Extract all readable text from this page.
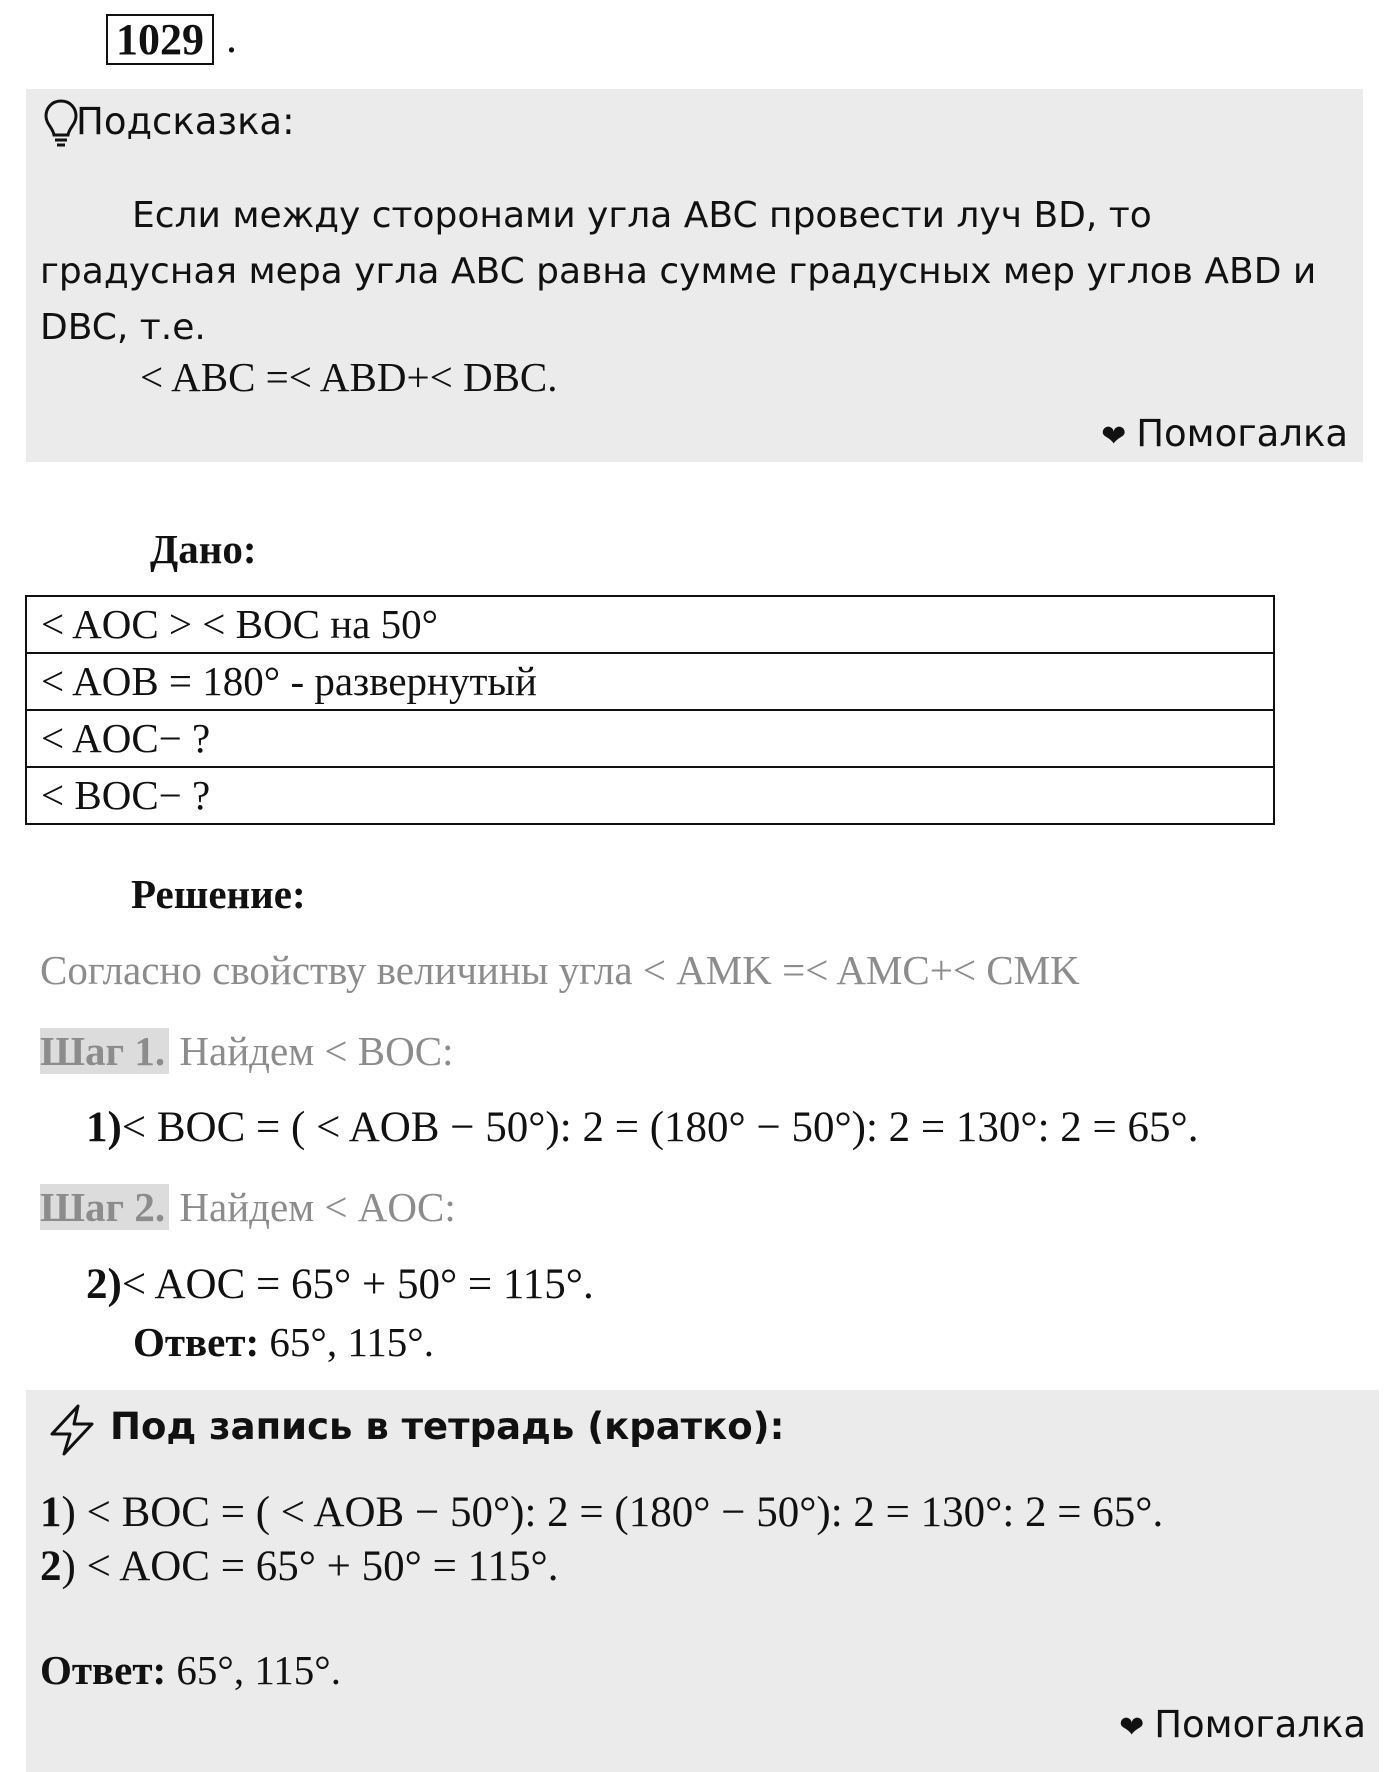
1029 .
Подсказка:
Если между сторонами угла ABC провести луч BD, то
градусная мера угла ABC равна сумме градусных мер углов ABD и
DBC, т.е.
< ABC =< ABD+< DBC.
❤ Помогалка
Дано:
< AOC > < BOC на 50°
< AOB = 180° - развернутый
< AOC− ?
< BOC− ?
Решение:
Согласно свойству величины угла < AMK =< AMC+< CMK
Шаг 1. Найдем < BOC:
1)< BOC = ( < AOB − 50°): 2 = (180° − 50°): 2 = 130°: 2 = 65°.
Шаг 2. Найдем < AOC:
2)< AOC = 65° + 50° = 115°.
Ответ: 65°, 115°.
Под запись в тетрадь (кратко):
1) < BOC = ( < AOB − 50°): 2 = (180° − 50°): 2 = 130°: 2 = 65°.
2) < AOC = 65° + 50° = 115°.
Ответ: 65°, 115°.
❤ Помогалка
